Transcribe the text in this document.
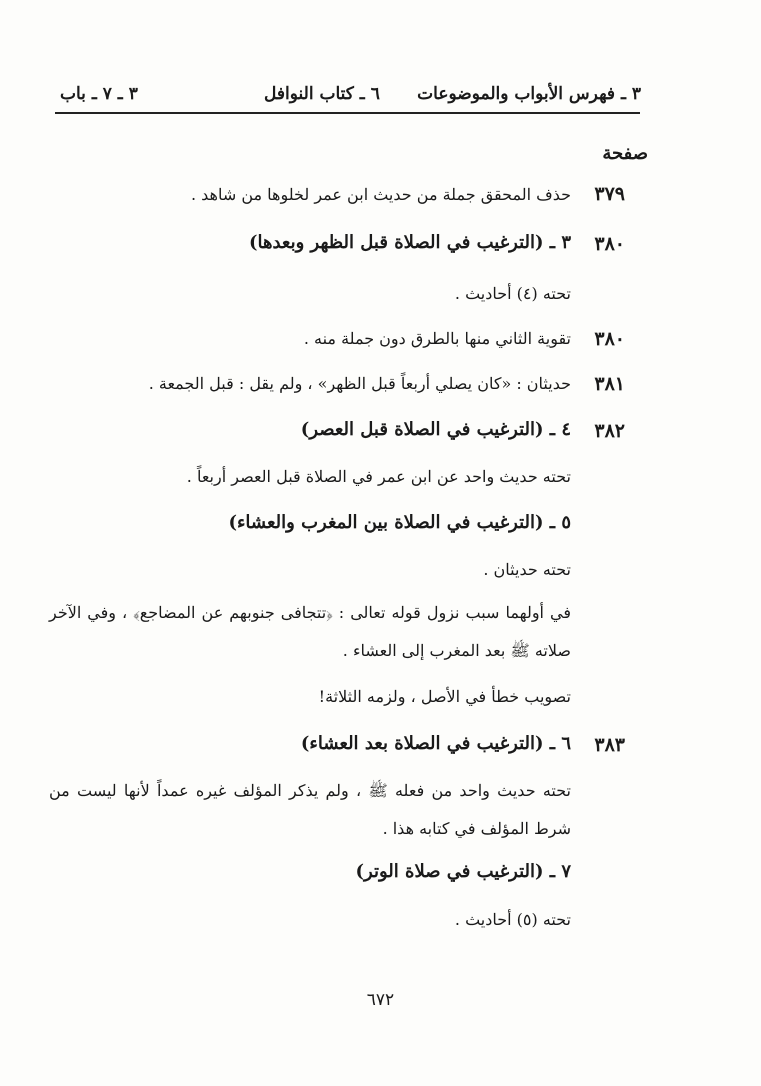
٣ ـ فهرس الأبواب والموضوعات
٦ ـ كتاب النوافل
٣ ـ ٧ ـ باب
صفحة
٣٧٩
حذف المحقق جملة من حديث ابن عمر لخلوها من شاهد .
٣٨٠
٣ ـ (الترغيب في الصلاة قبل الظهر وبعدها)
تحته (٤) أحاديث .
٣٨٠
تقوية الثاني منها بالطرق دون جملة منه .
٣٨١
حديثان : «كان يصلي أربعاً قبل الظهر» ، ولم يقل : قبل الجمعة .
٣٨٢
٤ ـ (الترغيب في الصلاة قبل العصر)
تحته حديث واحد عن ابن عمر في الصلاة قبل العصر أربعاً .
٥ ـ (الترغيب في الصلاة بين المغرب والعشاء)
تحته حديثان .
في أولهما سبب نزول قوله تعالى : ﴿تتجافى جنوبهم عن المضاجع﴾ ، وفي الآخر صلاته ﷺ بعد المغرب إلى العشاء .
تصويب خطأ في الأصل ، ولزمه الثلاثة!
٣٨٣
٦ ـ (الترغيب في الصلاة بعد العشاء)
تحته حديث واحد من فعله ﷺ ، ولم يذكر المؤلف غيره عمداً لأنها ليست من شرط المؤلف في كتابه هذا .
٧ ـ (الترغيب في صلاة الوتر)
تحته (٥) أحاديث .
٦٧٢
